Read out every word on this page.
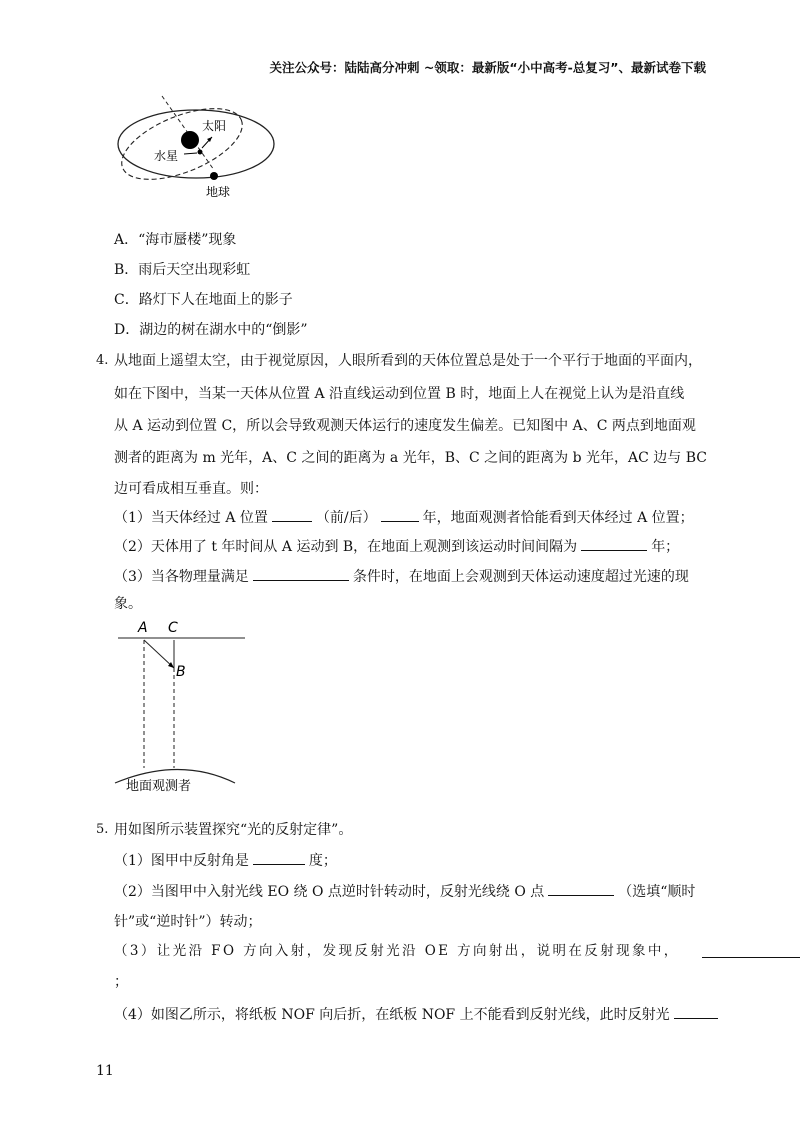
关注公众号：陆陆高分冲刺 ~领取：最新版“小中高考-总复习”、最新试卷下载
太阳
水星
地球
A．“海市蜃楼”现象
B．雨后天空出现彩虹
C．路灯下人在地面上的影子
D．湖边的树在湖水中的“倒影”
4. 从地面上遥望太空，由于视觉原因，人眼所看到的天体位置总是处于一个平行于地面的平面内，
如在下图中，当某一天体从位置 A 沿直线运动到位置 B 时，地面上人在视觉上认为是沿直线
从 A 运动到位置 C，所以会导致观测天体运行的速度发生偏差。已知图中 A、C 两点到地面观
测者的距离为 m 光年，A、C 之间的距离为 a 光年，B、C 之间的距离为 b 光年，AC 边与 BC
边可看成相互垂直。则：
（1）当天体经过 A 位置	（前/后）	年，地面观测者恰能看到天体经过 A 位置；
（2）天体用了 t 年时间从 A 运动到 B，在地面上观测到该运动时间间隔为	年；
（3）当各物理量满足	条件时，在地面上会观测到天体运动速度超过光速的现
象。
A C
B
地面观测者
5. 用如图所示装置探究“光的反射定律”。
（1）图甲中反射角是	度；
（2）当图甲中入射光线 EO 绕 O 点逆时针转动时，反射光线绕 O 点	（选填“顺时
针”或“逆时针”）转动；
（3）让光沿 FO 方向入射，发现反射光沿 OE 方向射出，说明在反射现象中，
；
（4）如图乙所示，将纸板 NOF 向后折，在纸板 NOF 上不能看到反射光线，此时反射光
11
